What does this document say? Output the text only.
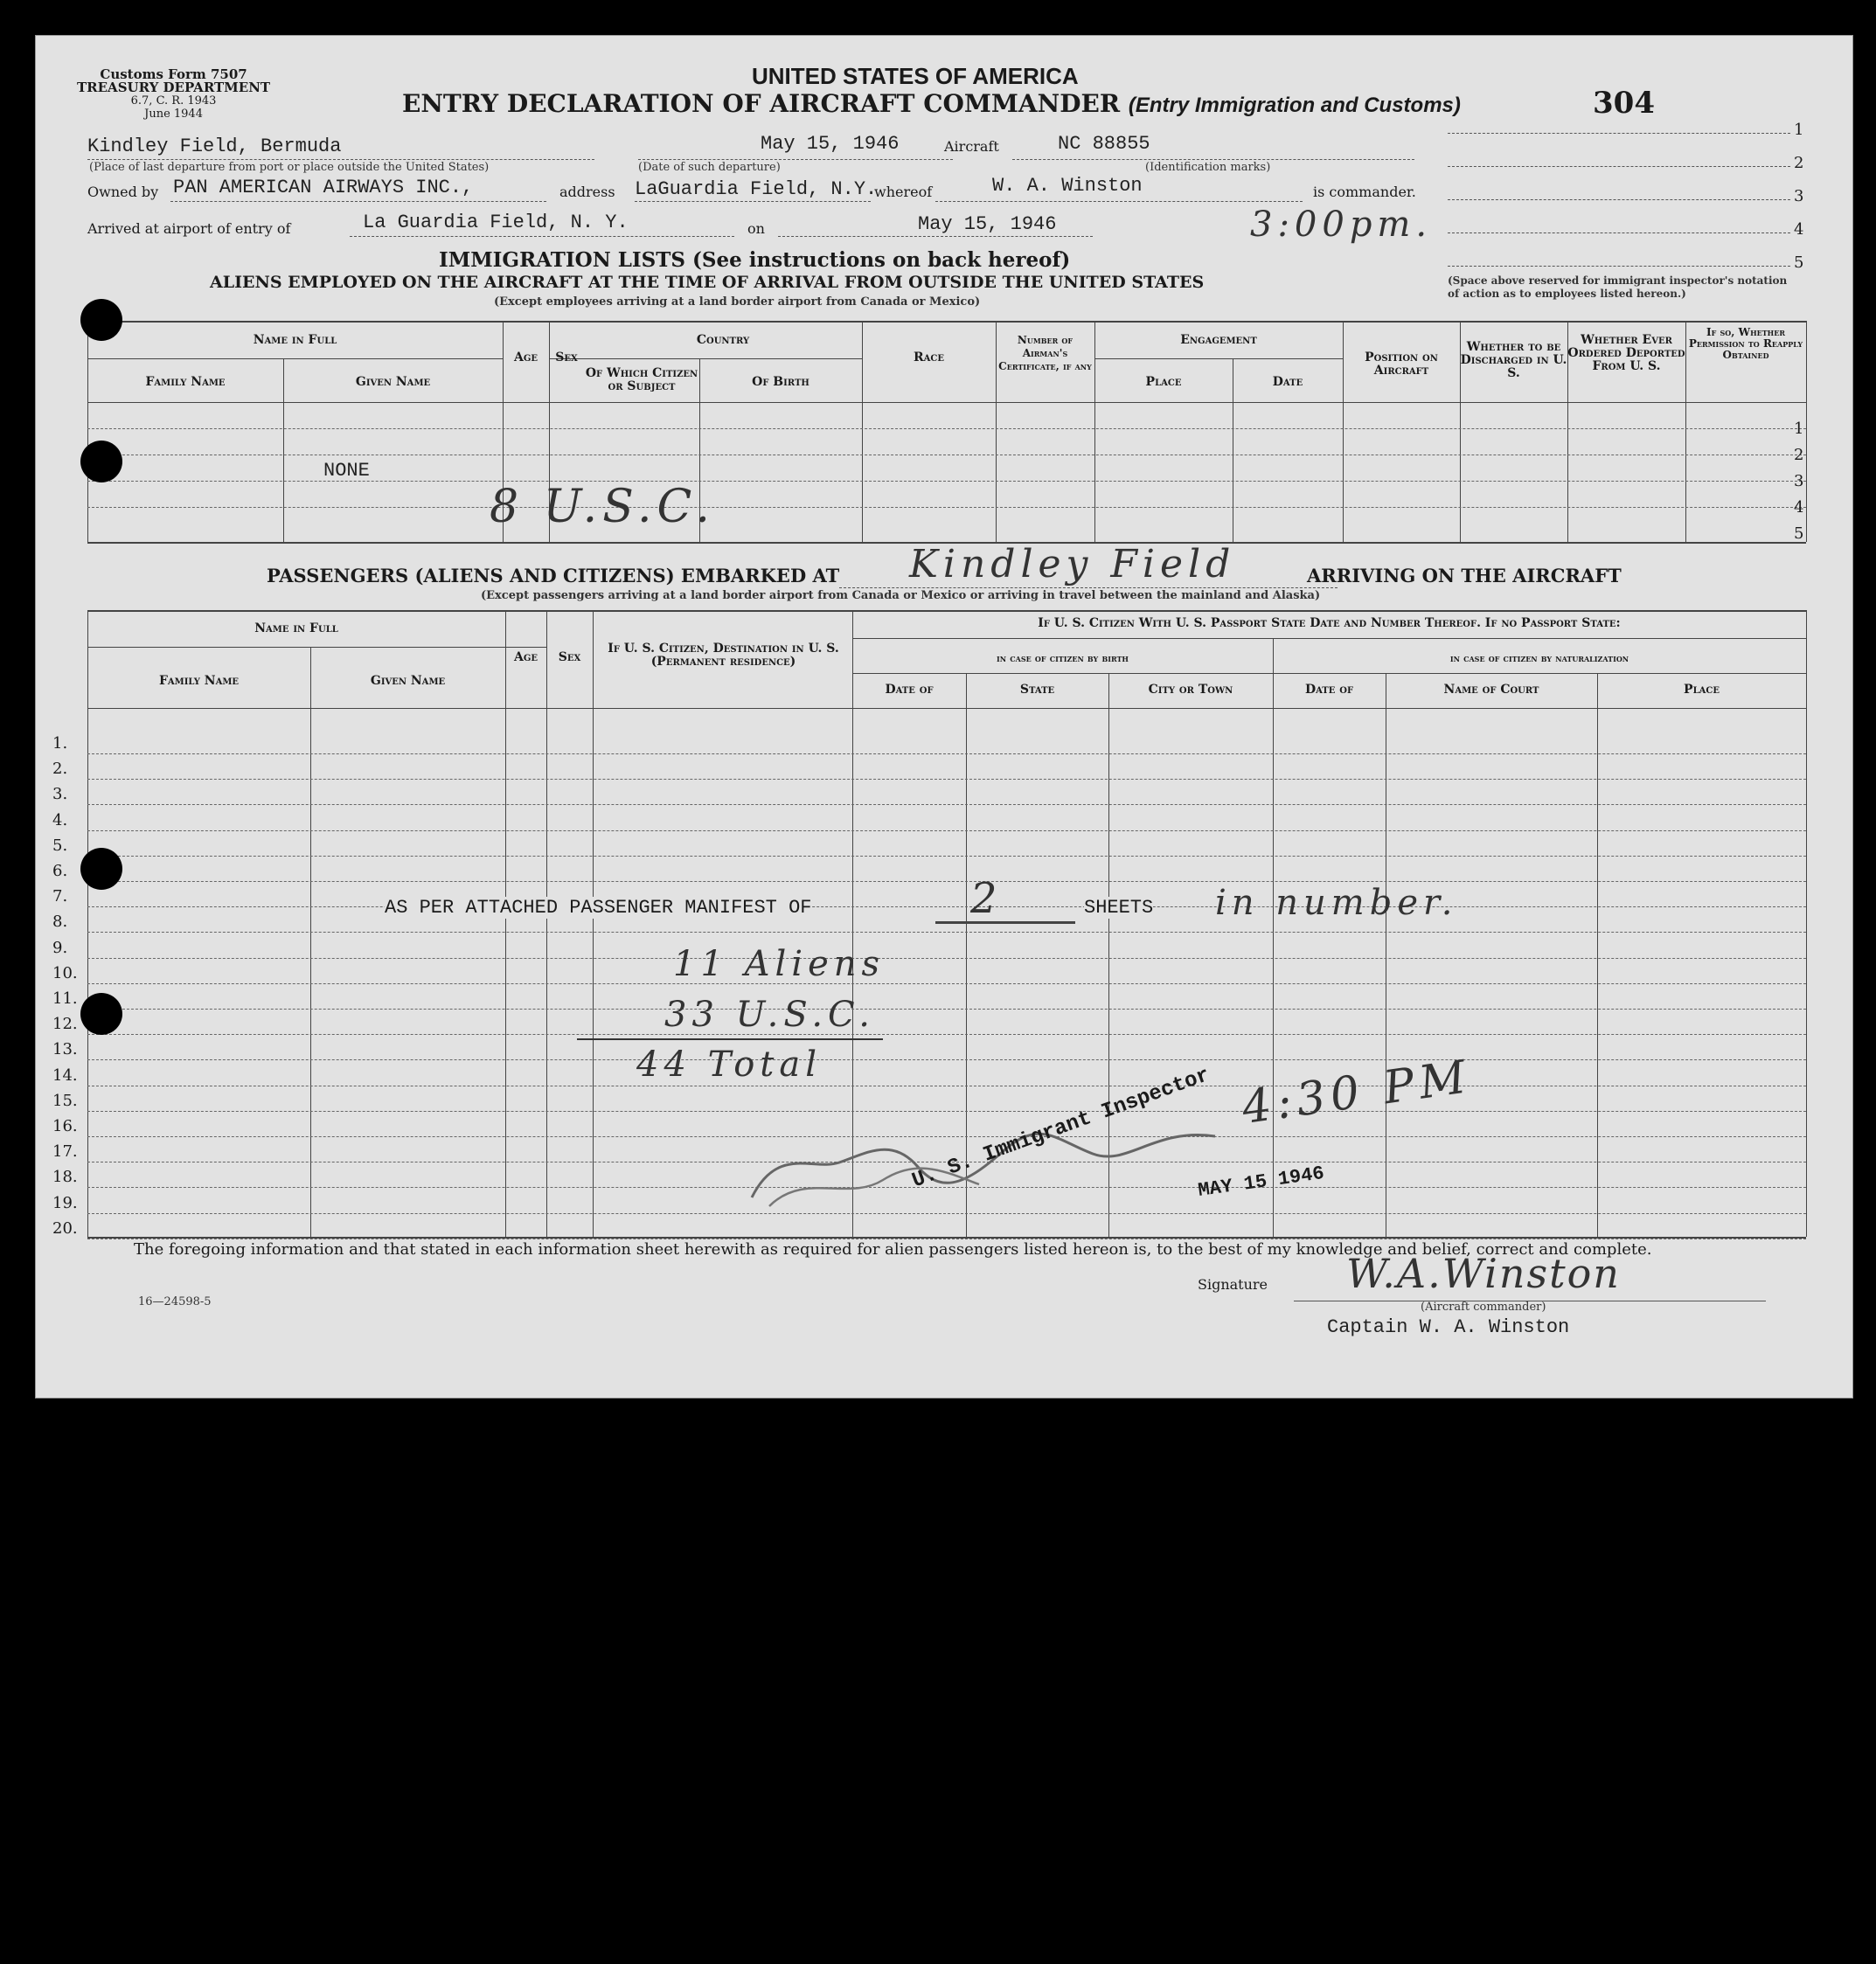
Customs Form 7507
TREASURY DEPARTMENT
6.7, C. R. 1943
June 1944
UNITED STATES OF AMERICA
ENTRY DECLARATION OF AIRCRAFT COMMANDER (Entry Immigration and Customs)	304
1
2
3
4
5
(Space above reserved for immigrant inspector's notation of action as to employees listed hereon.)
Kindley Field, Bermuda
(Place of last departure from port or place outside the United States)
May 15, 1946
(Date of such departure)
Aircraft	NC 88855
(Identification marks)
Owned by PAN AMERICAN AIRWAYS INC.,	address LaGuardia Field, N.Y.
whereof	W. A. Winston	is commander.
Arrived at airport of entry of	La Guardia Field, N. Y.	on	May 15, 1946	3:00pm.
IMMIGRATION LISTS (See instructions on back hereof)
ALIENS EMPLOYED ON THE AIRCRAFT AT THE TIME OF ARRIVAL FROM OUTSIDE THE UNITED STATES
(Except employees arriving at a land border airport from Canada or Mexico)
1
2
3
4
5
Name in Full
Family Name	Given Name
Age	Sex
Country
Of Which Citizen or Subject	Of Birth
Race
Number of Airman's Certificate, if any
Engagement
Place	Date
Position on Aircraft
Whether to be Discharged in U. S.
Whether Ever Ordered Deported From U. S.
If so, Whether Permission to Reapply Obtained
NONE
8 U.S.C.
PASSENGERS (ALIENS AND CITIZENS) EMBARKED AT Kindley Field	ARRIVING ON THE AIRCRAFT
(Except passengers arriving at a land border airport from Canada or Mexico or arriving in travel between the mainland and Alaska)
Name in Full
Family Name	Given Name
Age	Sex
If U. S. Citizen, Destination in U. S. (Permanent residence)
If U. S. Citizen With U. S. Passport State Date and Number Thereof. If no Passport State:
in case of citizen by birth	in case of citizen by naturalization
Date of	State	City or Town	Date of	Name of Court	Place
1.
2.
3.
4.
5.
6.
7.
8.
9.
10.
11.
12.
13.
14.
15.
16.
17.
18.
19.
20.
AS PER ATTACHED PASSENGER MANIFEST OF	2	SHEETS in number.
11 Aliens
33 U.S.C.
44 Total	4:30 PM
U. S. Immigrant Inspector
MAY 15 1946
The foregoing information and that stated in each information sheet herewith as required for alien passengers listed hereon is, to the best of my knowledge and belief, correct and complete.
16—24598-5
Signature W.A.Winston
(Aircraft commander)
Captain W. A. Winston
